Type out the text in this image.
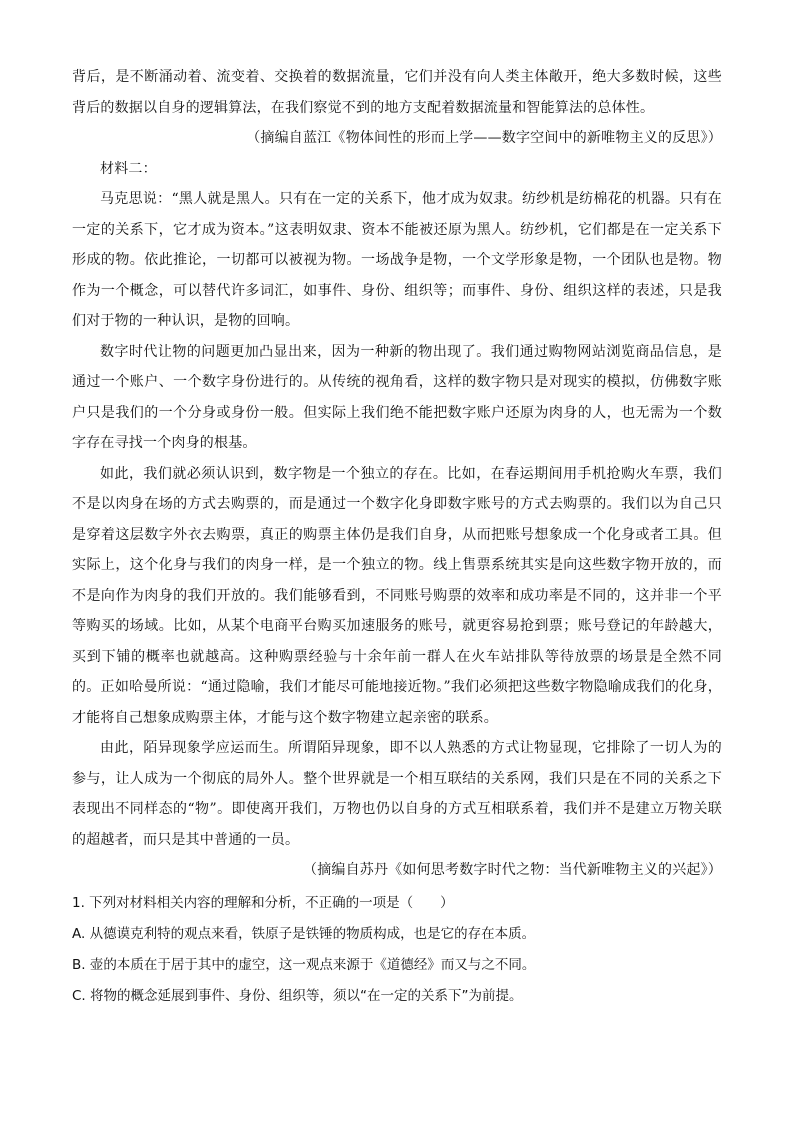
背后，是不断涌动着、流变着、交换着的数据流量，它们并没有向人类主体敞开，绝大多数时候，这些背后的数据以自身的逻辑算法，在我们察觉不到的地方支配着数据流量和智能算法的总体性。

（摘编自蓝江《物体间性的形而上学——数字空间中的新唯物主义的反思》）

材料二：

马克思说：“黑人就是黑人。只有在一定的关系下，他才成为奴隶。纺纱机是纺棉花的机器。只有在一定的关系下，它才成为资本。”这表明奴隶、资本不能被还原为黑人。纺纱机，它们都是在一定关系下形成的物。依此推论，一切都可以被视为物。一场战争是物，一个文学形象是物，一个团队也是物。物作为一个概念，可以替代许多词汇，如事件、身份、组织等；而事件、身份、组织这样的表述，只是我们对于物的一种认识，是物的回响。

数字时代让物的问题更加凸显出来，因为一种新的物出现了。我们通过购物网站浏览商品信息，是通过一个账户、一个数字身份进行的。从传统的视角看，这样的数字物只是对现实的模拟，仿佛数字账户只是我们的一个分身或身份一般。但实际上我们绝不能把数字账户还原为肉身的人，也无需为一个数字存在寻找一个肉身的根基。

如此，我们就必须认识到，数字物是一个独立的存在。比如，在春运期间用手机抢购火车票，我们不是以肉身在场的方式去购票的，而是通过一个数字化身即数字账号的方式去购票的。我们以为自己只是穿着这层数字外衣去购票，真正的购票主体仍是我们自身，从而把账号想象成一个化身或者工具。但实际上，这个化身与我们的肉身一样，是一个独立的物。线上售票系统其实是向这些数字物开放的，而不是向作为肉身的我们开放的。我们能够看到，不同账号购票的效率和成功率是不同的，这并非一个平等购买的场域。比如，从某个电商平台购买加速服务的账号，就更容易抢到票；账号登记的年龄越大，买到下铺的概率也就越高。这种购票经验与十余年前一群人在火车站排队等待放票的场景是全然不同的。正如哈曼所说：“通过隐喻，我们才能尽可能地接近物。”我们必须把这些数字物隐喻成我们的化身，才能将自己想象成购票主体，才能与这个数字物建立起亲密的联系。

由此，陌异现象学应运而生。所谓陌异现象，即不以人熟悉的方式让物显现，它排除了一切人为的参与，让人成为一个彻底的局外人。整个世界就是一个相互联结的关系网，我们只是在不同的关系之下表现出不同样态的“物”。即使离开我们，万物也仍以自身的方式互相联系着，我们并不是建立万物关联的超越者，而只是其中普通的一员。

（摘编自苏丹《如何思考数字时代之物：当代新唯物主义的兴起》）

1. 下列对材料相关内容的理解和分析，不正确的一项是（　　）

A. 从德谟克利特的观点来看，铁原子是铁锤的物质构成，也是它的存在本质。

B. 壶的本质在于居于其中的虚空，这一观点来源于《道德经》而又与之不同。

C. 将物的概念延展到事件、身份、组织等，须以“在一定的关系下”为前提。
